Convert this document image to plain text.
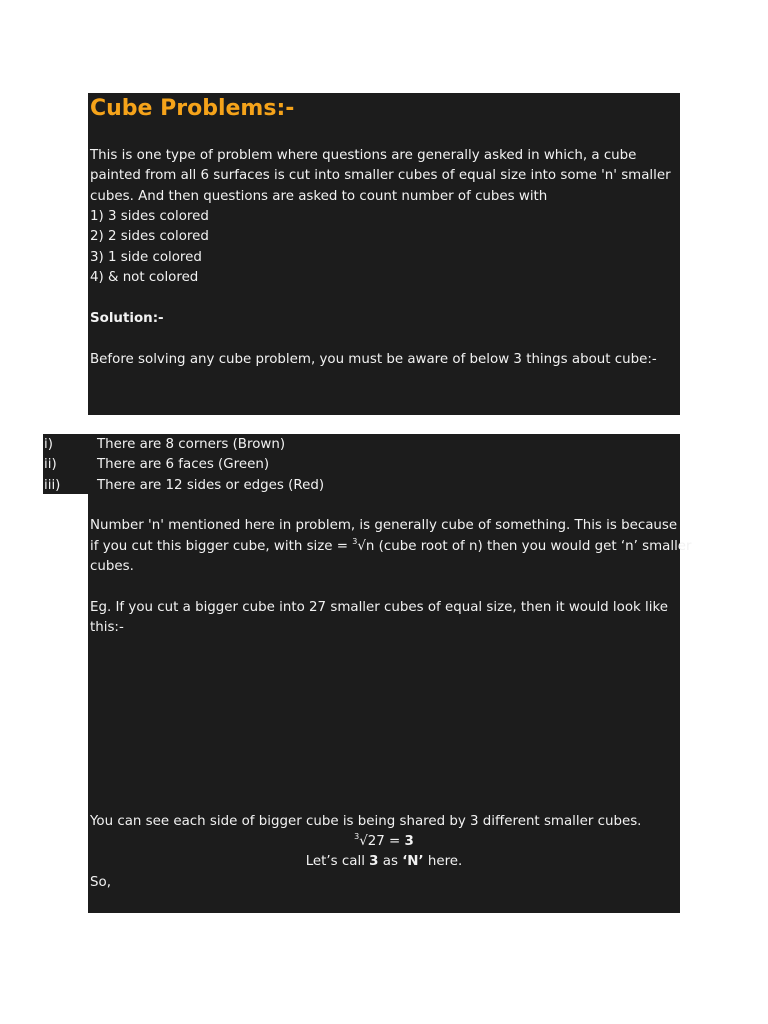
Cube Problems:-
This is one type of problem where questions are generally asked in which, a cube
painted from all 6 surfaces is cut into smaller cubes of equal size into some 'n' smaller
cubes. And then questions are asked to count number of cubes with
1) 3 sides colored
2) 2 sides colored
3) 1 side colored
4) & not colored
Solution:-
Before solving any cube problem, you must be aware of below 3 things about cube:-
i)	There are 8 corners (Brown)
ii)	There are 6 faces (Green)
iii)	There are 12 sides or edges (Red)
Number 'n' mentioned here in problem, is generally cube of something. This is because
if you cut this bigger cube, with size = $^3$√n (cube root of n) then you would get ‘n’ smaller
cubes.
Eg. If you cut a bigger cube into 27 smaller cubes of equal size, then it would look like
this:-
You can see each side of bigger cube is being shared by 3 different smaller cubes.
$^3$√27 = 3
Let’s call 3 as ‘N’ here.
So,
